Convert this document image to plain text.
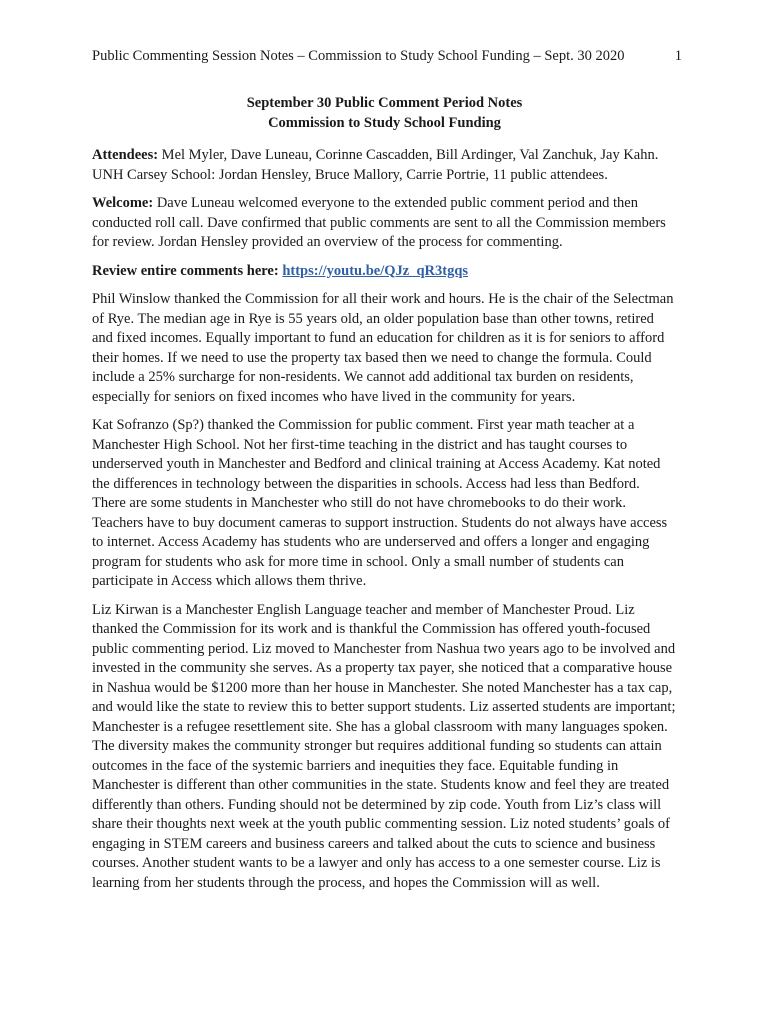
Public Commenting Session Notes – Commission to Study School Funding – Sept. 30 2020	1
September 30 Public Comment Period Notes
Commission to Study School Funding

Attendees: Mel Myler, Dave Luneau, Corinne Cascadden, Bill Ardinger, Val Zanchuk, Jay Kahn. UNH Carsey School: Jordan Hensley, Bruce Mallory, Carrie Portrie, 11 public attendees.

Welcome: Dave Luneau welcomed everyone to the extended public comment period and then conducted roll call. Dave confirmed that public comments are sent to all the Commission members for review. Jordan Hensley provided an overview of the process for commenting.

Review entire comments here: https://youtu.be/QJz_qR3tgqs

Phil Winslow thanked the Commission for all their work and hours. He is the chair of the Selectman of Rye. The median age in Rye is 55 years old, an older population base than other towns, retired and fixed incomes. Equally important to fund an education for children as it is for seniors to afford their homes. If we need to use the property tax based then we need to change the formula. Could include a 25% surcharge for non-residents. We cannot add additional tax burden on residents, especially for seniors on fixed incomes who have lived in the community for years.

Kat Sofranzo (Sp?) thanked the Commission for public comment. First year math teacher at a Manchester High School. Not her first-time teaching in the district and has taught courses to underserved youth in Manchester and Bedford and clinical training at Access Academy. Kat noted the differences in technology between the disparities in schools. Access had less than Bedford. There are some students in Manchester who still do not have chromebooks to do their work. Teachers have to buy document cameras to support instruction. Students do not always have access to internet. Access Academy has students who are underserved and offers a longer and engaging program for students who ask for more time in school. Only a small number of students can participate in Access which allows them thrive.

Liz Kirwan is a Manchester English Language teacher and member of Manchester Proud. Liz thanked the Commission for its work and is thankful the Commission has offered youth-focused public commenting period. Liz moved to Manchester from Nashua two years ago to be involved and invested in the community she serves. As a property tax payer, she noticed that a comparative house in Nashua would be $1200 more than her house in Manchester. She noted Manchester has a tax cap, and would like the state to review this to better support students. Liz asserted students are important; Manchester is a refugee resettlement site. She has a global classroom with many languages spoken. The diversity makes the community stronger but requires additional funding so students can attain outcomes in the face of the systemic barriers and inequities they face. Equitable funding in Manchester is different than other communities in the state. Students know and feel they are treated differently than others. Funding should not be determined by zip code. Youth from Liz’s class will share their thoughts next week at the youth public commenting session. Liz noted students’ goals of engaging in STEM careers and business careers and talked about the cuts to science and business courses. Another student wants to be a lawyer and only has access to a one semester course. Liz is learning from her students through the process, and hopes the Commission will as well.
